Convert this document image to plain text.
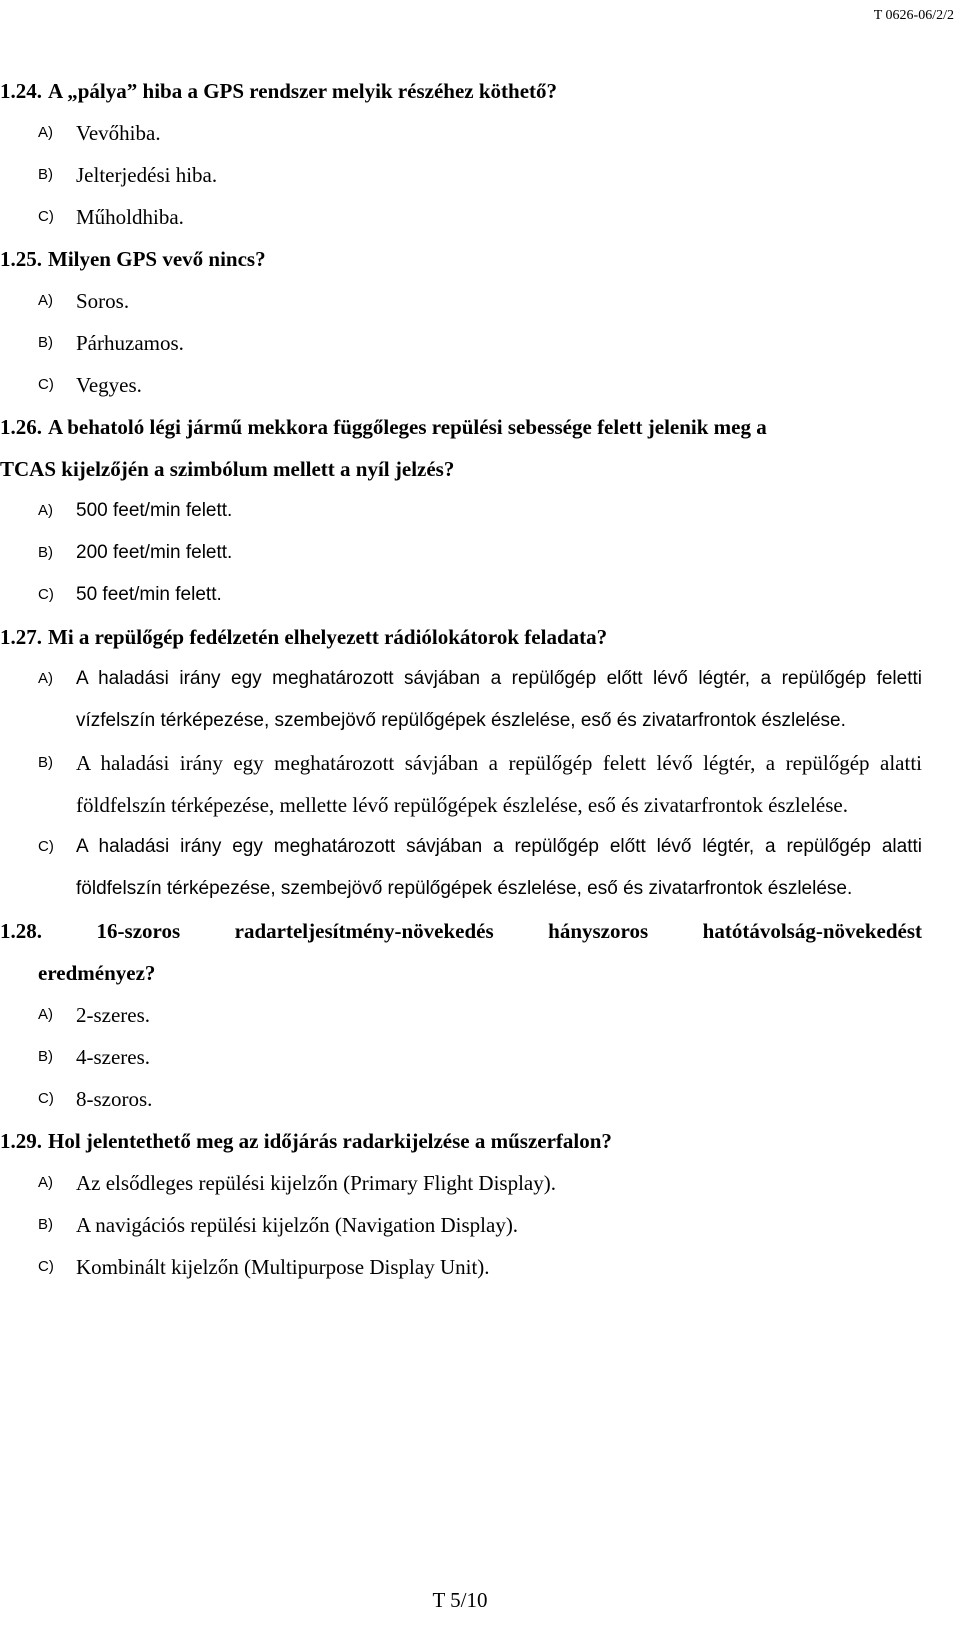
T 0626-06/2/2
1.24. A „pálya” hiba a GPS rendszer melyik részéhez köthető?
A) Vevőhiba.
B) Jelterjedési hiba.
C) Műholdhiba.
1.25. Milyen GPS vevő nincs?
A) Soros.
B) Párhuzamos.
C) Vegyes.
1.26. A behatoló légi jármű mekkora függőleges repülési sebessége felett jelenik meg a
TCAS kijelzőjén a szimbólum mellett a nyíl jelzés?
A) 500 feet/min felett.
B) 200 feet/min felett.
C) 50 feet/min felett.
1.27. Mi a repülőgép fedélzetén elhelyezett rádiólokátorok feladata?
A) A haladási irány egy meghatározott sávjában a repülőgép előtt lévő légtér, a repülőgép feletti vízfelszín térképezése, szembejövő repülőgépek észlelése, eső és zivatarfrontok észlelése.
B) A haladási irány egy meghatározott sávjában a repülőgép felett lévő légtér, a repülőgép alatti földfelszín térképezése, mellette lévő repülőgépek észlelése, eső és zivatarfrontok észlelése.
C) A haladási irány egy meghatározott sávjában a repülőgép előtt lévő légtér, a repülőgép alatti földfelszín térképezése, szembejövő repülőgépek észlelése, eső és zivatarfrontok észlelése.
1.28.	16-szoros	radarteljesítmény-növekedés	hányszoros	hatótávolság-növekedést
eredményez?
A) 2-szeres.
B) 4-szeres.
C) 8-szoros.
1.29. Hol jelentethető meg az időjárás radarkijelzése a műszerfalon?
A) Az elsődleges repülési kijelzőn (Primary Flight Display).
B) A navigációs repülési kijelzőn (Navigation Display).
C) Kombinált kijelzőn (Multipurpose Display Unit).
T 5/10
